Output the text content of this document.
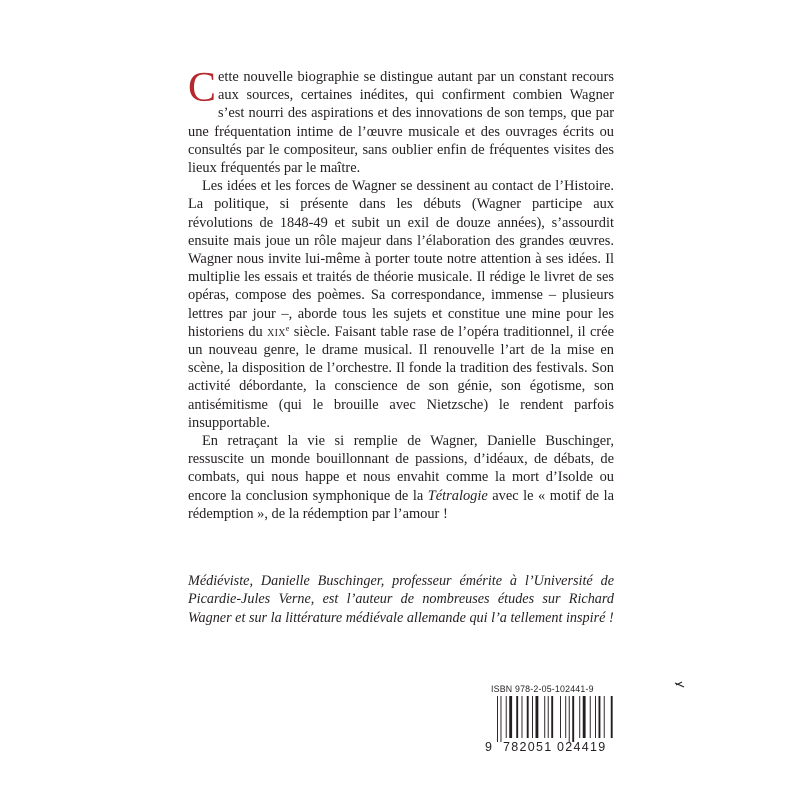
Cette nouvelle biographie se distingue autant par un constant recours aux sources, certaines inédites, qui confirment combien Wagner s’est nourri des aspirations et des innovations de son temps, que par une fréquentation intime de l’œuvre musicale et des ouvrages écrits ou consultés par le compositeur, sans oublier enfin de fréquentes visites des lieux fréquentés par le maître.

Les idées et les forces de Wagner se dessinent au contact de l’Histoire. La politique, si présente dans les débuts (Wagner participe aux révolutions de 1848-49 et subit un exil de douze années), s’assourdit ensuite mais joue un rôle majeur dans l’élaboration des grandes œuvres. Wagner nous invite lui-même à porter toute notre attention à ses idées. Il multiplie les essais et traités de théorie musicale. Il rédige le livret de ses opéras, compose des poèmes. Sa correspondance, immense – plusieurs lettres par jour –, aborde tous les sujets et constitue une mine pour les historiens du xix$^e$ siècle. Faisant table rase de l’opéra traditionnel, il crée un nouveau genre, le drame musical. Il renouvelle l’art de la mise en scène, la disposition de l’orchestre. Il fonde la tradition des festivals. Son activité débordante, la conscience de son génie, son égotisme, son antisémitisme (qui le brouille avec Nietzsche) le rendent parfois insupportable.

En retraçant la vie si remplie de Wagner, Danielle Buschinger, ressuscite un monde bouillonnant de passions, d’idéaux, de débats, de combats, qui nous happe et nous envahit comme la mort d’Isolde ou encore la conclusion symphonique de la Tétralogie avec le « motif de la rédemption », de la rédemption par l’amour !

Médiéviste, Danielle Buschinger, professeur émérite à l’Université de Picardie-Jules Verne, est l’auteur de nombreuses études sur Richard Wagner et sur la littérature médiévale allemande qui l’a tellement inspiré !

ISBN 978-2-05-102441-9
9 782051 024419
